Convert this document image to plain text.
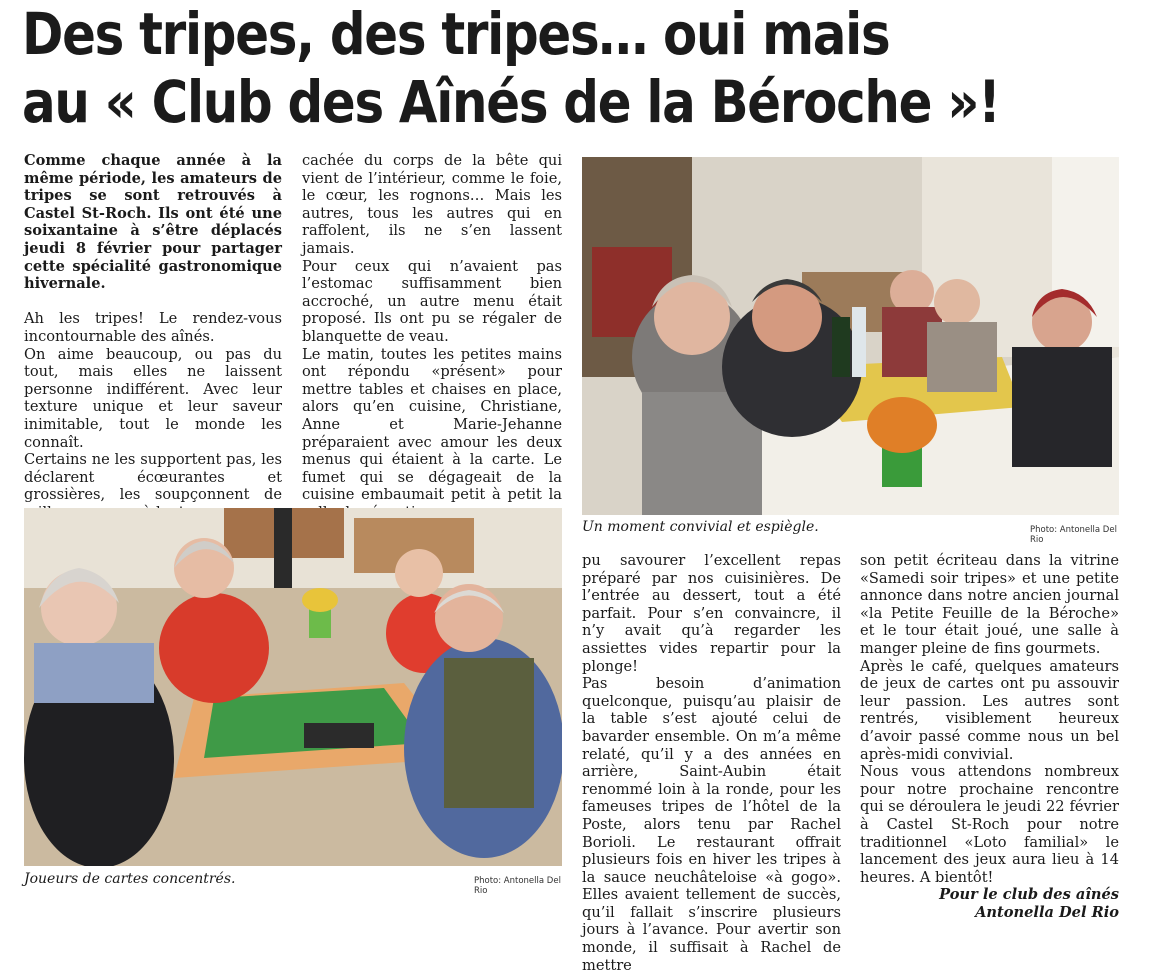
Des tripes, des tripes… oui mais
au « Club des Aînés de la Béroche »!

Comme chaque année à la même période, les amateurs de tripes se sont retrouvés à Castel St-Roch. Ils ont été une soixantaine à s’être déplacés jeudi 8 février pour partager cette spécialité gastronomique hivernale.

Ah les tripes! Le rendez-vous incontournable des aînés.

On aime beaucoup, ou pas du tout, mais elles ne laissent personne indifférent. Avec leur texture unique et leur saveur inimitable, tout le monde les connaît.

Certains ne les supportent pas, les déclarent écœurantes et grossières, les soupçonnent de

cachée du corps de la bête qui vient de l’intérieur, comme le foie, le cœur, les rognons… Mais les autres, tous les autres qui en raffolent, ils ne s’en lassent jamais.

Pour ceux qui n’avaient pas l’estomac suffisamment bien accroché, un autre menu était proposé. Ils ont pu se régaler de blanquette de veau.

Le matin, toutes les petites mains ont répondu «présent» pour mettre tables et chaises en place, alors qu’en cuisine, Christiane, Anne et Marie-Jehanne préparaient avec amour les deux menus qui étaient à la carte. Le fumet qui se dégageait de la cuisine embaumait petit à petit la

Un moment convivial et espiègle.	Photo: Antonella Del Rio
Joueurs de cartes concentrés.	Photo: Antonella Del Rio

pu savourer l’excellent repas préparé par nos cuisinières. De l’entrée au dessert, tout a été parfait. Pour s’en convaincre, il n’y avait qu’à regarder les assiettes vides repartir pour la plonge!

Pas besoin d’animation quelconque, puisqu’au plaisir de la table s’est ajouté celui de bavarder ensemble. On m’a même relaté, qu’il y a des années en arrière, Saint-Aubin était renommé loin à la ronde, pour les fameuses tripes de l’hôtel de la Poste, alors tenu par Rachel Borioli. Le restaurant offrait plusieurs fois en hiver les tripes à la sauce neuchâteloise «à gogo». Elles avaient tellement de succès, qu’il fallait s’inscrire plusieurs jours à l’avance. Pour avertir son monde, il suffisait à Rachel de mettre

son petit écriteau dans la vitrine «Samedi soir tripes» et une petite annonce dans notre ancien journal «la Petite Feuille de la Béroche» et le tour était joué, une salle à manger pleine de fins gourmets.

Après le café, quelques amateurs de jeux de cartes ont pu assouvir leur passion. Les autres sont rentrés, visiblement heureux d’avoir passé comme nous un bel après-midi convivial.

Nous vous attendons nombreux pour notre prochaine rencontre qui se déroulera le jeudi 22 février à Castel St-Roch pour notre traditionnel «Loto familial» le lancement des jeux aura lieu à 14 heures. A bientôt!

Pour le club des aînés

Antonella Del Rio
